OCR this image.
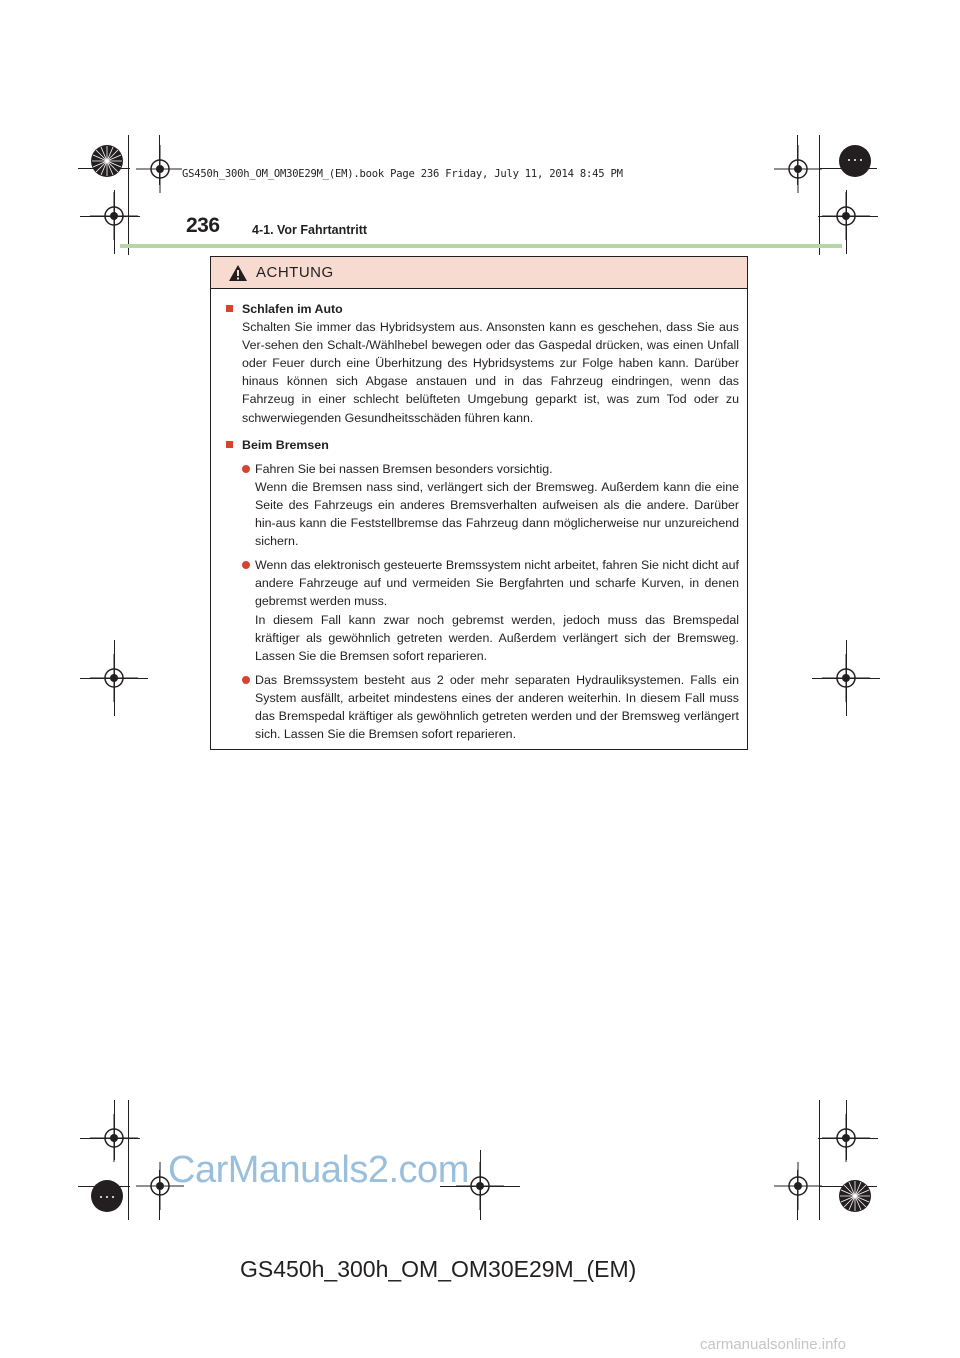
GS450h_300h_OM_OM30E29M_(EM).book Page 236 Friday, July 11, 2014 8:45 PM
236	4-1. Vor Fahrtantritt
ACHTUNG
Schlafen im Auto
Schalten Sie immer das Hybridsystem aus. Ansonsten kann es geschehen, dass Sie aus Ver-sehen den Schalt-/Wählhebel bewegen oder das Gaspedal drücken, was einen Unfall oder Feuer durch eine Überhitzung des Hybridsystems zur Folge haben kann. Darüber hinaus können sich Abgase anstauen und in das Fahrzeug eindringen, wenn das Fahrzeug in einer schlecht belüfteten Umgebung geparkt ist, was zum Tod oder zu schwerwiegenden Gesundheitsschäden führen kann.
Beim Bremsen
Fahren Sie bei nassen Bremsen besonders vorsichtig.
Wenn die Bremsen nass sind, verlängert sich der Bremsweg. Außerdem kann die eine Seite des Fahrzeugs ein anderes Bremsverhalten aufweisen als die andere. Darüber hin-aus kann die Feststellbremse das Fahrzeug dann möglicherweise nur unzureichend sichern.
Wenn das elektronisch gesteuerte Bremssystem nicht arbeitet, fahren Sie nicht dicht auf andere Fahrzeuge auf und vermeiden Sie Bergfahrten und scharfe Kurven, in denen gebremst werden muss.
In diesem Fall kann zwar noch gebremst werden, jedoch muss das Bremspedal kräftiger als gewöhnlich getreten werden. Außerdem verlängert sich der Bremsweg. Lassen Sie die Bremsen sofort reparieren.
Das Bremssystem besteht aus 2 oder mehr separaten Hydrauliksystemen. Falls ein System ausfällt, arbeitet mindestens eines der anderen weiterhin. In diesem Fall muss das Bremspedal kräftiger als gewöhnlich getreten werden und der Bremsweg verlängert sich. Lassen Sie die Bremsen sofort reparieren.
CarManuals2.com
GS450h_300h_OM_OM30E29M_(EM)
carmanualsonline.info
